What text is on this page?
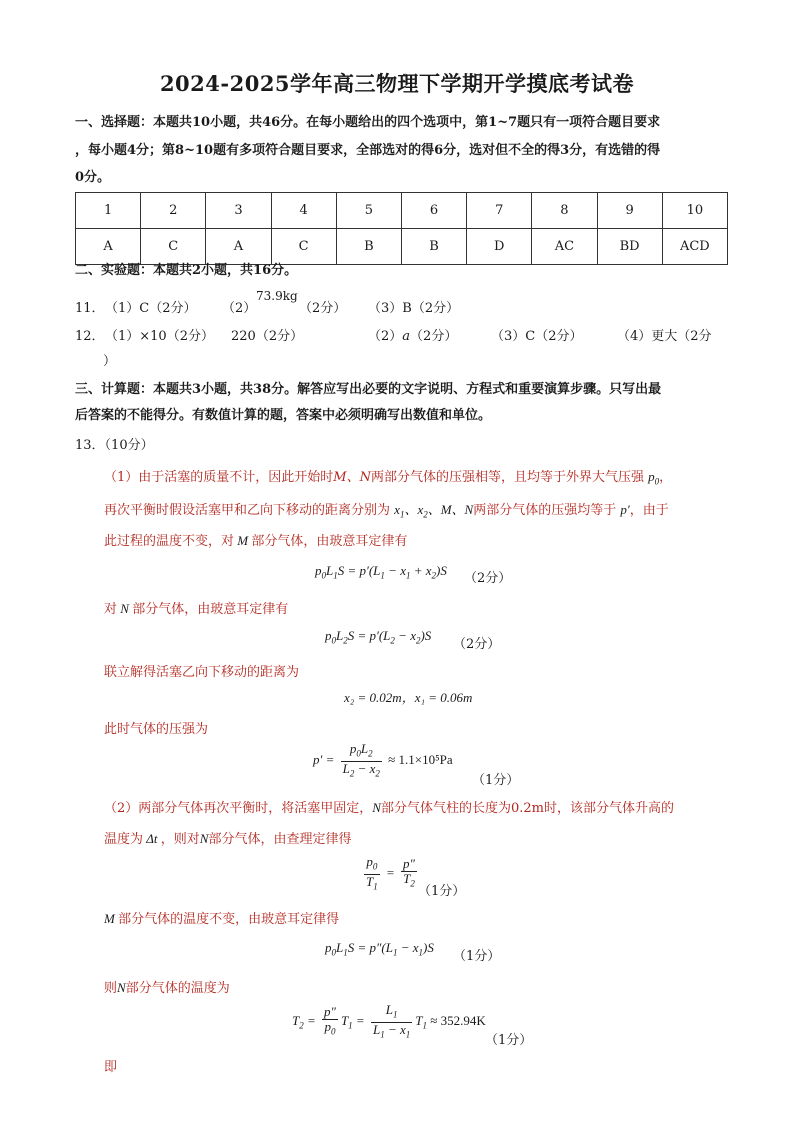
2024-2025学年高三物理下学期开学摸底考试卷
一、选择题：本题共10小题，共46分。在每小题给出的四个选项中，第1~7题只有一项符合题目要求
，每小题4分；第8~10题有多项符合题目要求，全部选对的得6分，选对但不全的得3分，有选错的得
0分。
1	2	3	4	5	6	7	8	9	10
A	C	A	C	B	B	D	AC	BD	ACD
二、实验题：本题共2小题，共16分。
11． （1）C（2分） （2）
73.9kg
（2分） （3）B（2分）
12． （1）×10（2分） 220（2分）	（2）a（2分）	（3）C（2分）	（4）更大（2分
）
三、计算题：本题共3小题，共38分。解答应写出必要的文字说明、方程式和重要演算步骤。只写出最
后答案的不能得分。有数值计算的题，答案中必须明确写出数值和单位。
13．（10分）
（1）由于活塞的质量不计，因此开始时M、N两部分气体的压强相等，且均等于外界大气压强 $p_0$，
再次平衡时假设活塞甲和乙向下移动的距离分别为 $x_1$、$x_2$、M、N两部分气体的压强均等于 p′，由于
此过程的温度不变，对 M 部分气体，由玻意耳定律有
$p_0L_1S = p'(L_1 - x_1 + x_2)S$
（2分）
对 N 部分气体，由玻意耳定律有
$p_0L_2S = p'(L_2 - x_2)S$
（2分）
联立解得活塞乙向下移动的距离为
x₂ = 0.02m，x₁ = 0.06m
此时气体的压强为
$p' = \frac{p_0L_2}{L_2 - x_2} \approx 1.1\times 10^5Pa$
（1分）
（2）两部分气体再次平衡时，将活塞甲固定，N部分气体气柱的长度为0.2m时，该部分气体升高的
温度为 Δt ，则对N部分气体，由查理定律得
$\frac{p_0}{T_1} = \frac{p''}{T_2}$
（1分）
M 部分气体的温度不变，由玻意耳定律得
$p_0L_1S = p''(L_1 - x_1)S$
（1分）
则N部分气体的温度为
$T_2 = \frac{p''}{p_0} T_1 = \frac{L_1}{L_1 - x_1} T_1 \approx 352.94K$
（1分）
即
